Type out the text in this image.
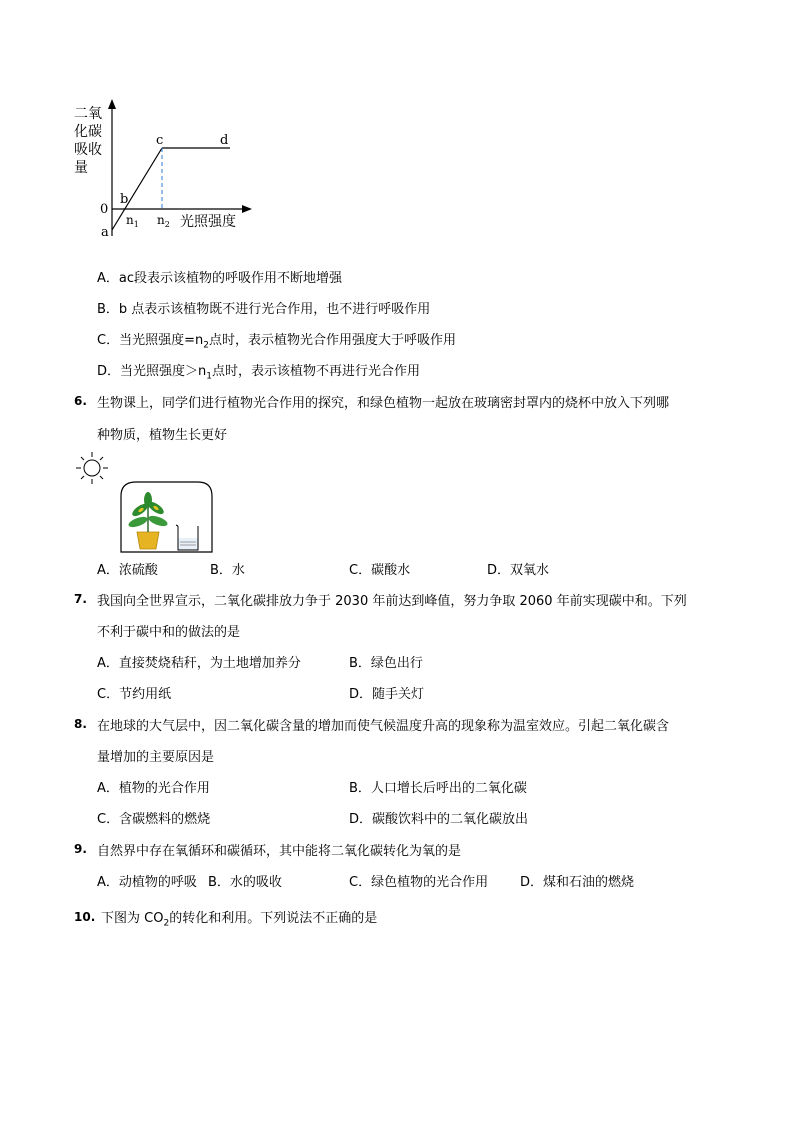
二氧
化碳
吸收
量
0
a
b
c	d
$n_1$ $n_2$ 光照强度
A．ac段表示该植物的呼吸作用不断地增强
B．b 点表示该植物既不进行光合作用，也不进行呼吸作用
C．当光照强度$=n_2$点时，表示植物光合作用强度大于呼吸作用
D．当光照强度$>n_1$点时，表示该植物不再进行光合作用
6. 生物课上，同学们进行植物光合作用的探究，和绿色植物一起放在玻璃密封罩内的烧杯中放入下列哪
种物质，植物生长更好
A．浓硫酸	B．水	C．碳酸水	D．双氧水
7. 我国向全世界宣示，二氧化碳排放力争于 2030 年前达到峰值，努力争取 2060 年前实现碳中和。下列
不利于碳中和的做法的是
A．直接焚烧秸秆，为土地增加养分	B．绿色出行
C．节约用纸	D．随手关灯
8. 在地球的大气层中，因二氧化碳含量的增加而使气候温度升高的现象称为温室效应。引起二氧化碳含
量增加的主要原因是
A．植物的光合作用	B．人口增长后呼出的二氧化碳
C．含碳燃料的燃烧	D．碳酸饮料中的二氧化碳放出
9. 自然界中存在氧循环和碳循环，其中能将二氧化碳转化为氧的是
A．动植物的呼吸 B．水的吸收	C．绿色植物的光合作用 D．煤和石油的燃烧
10. 下图为 $CO_2$的转化和利用。下列说法不正确的是
